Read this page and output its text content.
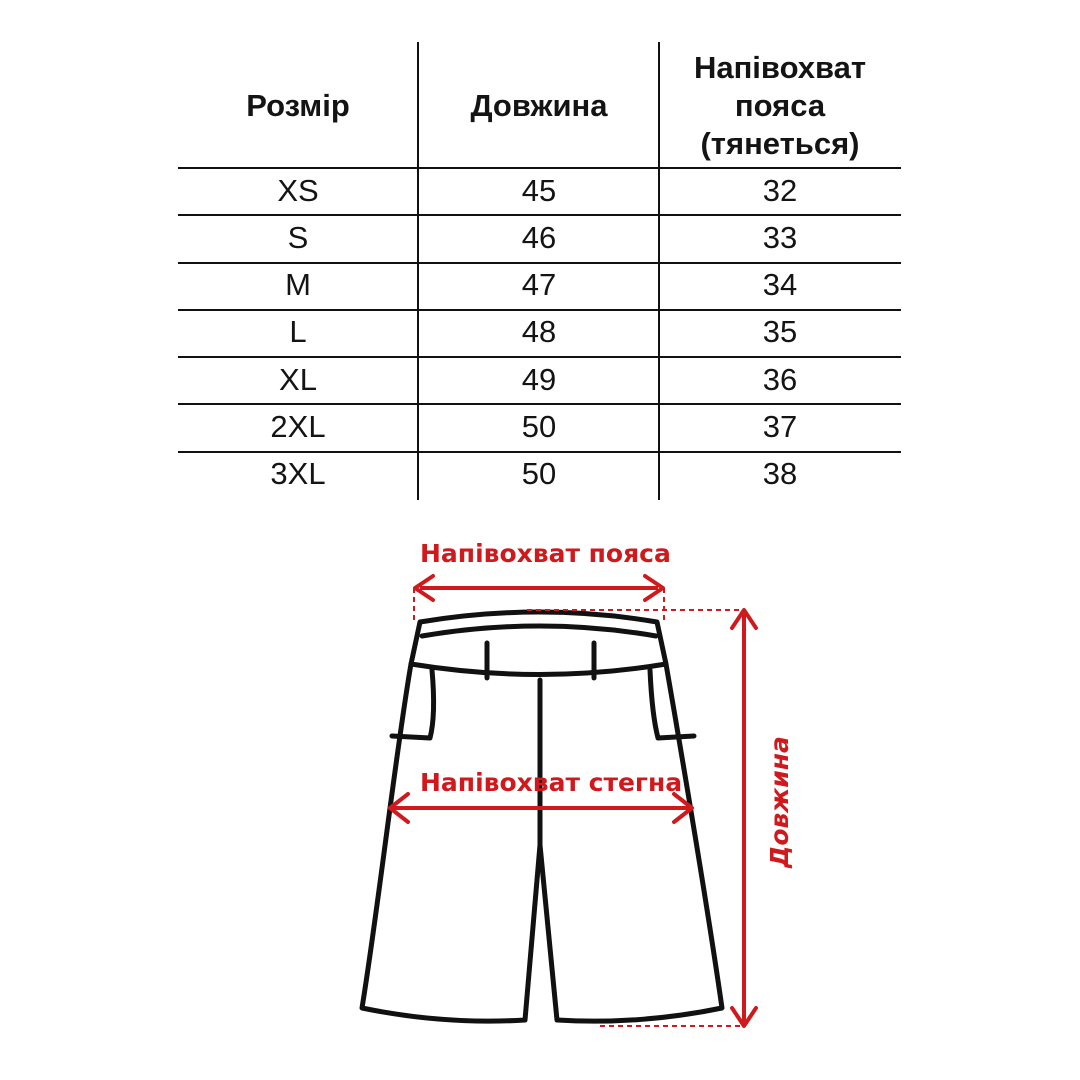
Розмір	Довжина
Напівохват
пояса
(тянеться)
XS	45	32
S	46	33
M	47	34
L	48	35
XL	49	36
2XL	50	37
3XL	50	38
Напівохват пояса
Напівохват стегна	Довжина
